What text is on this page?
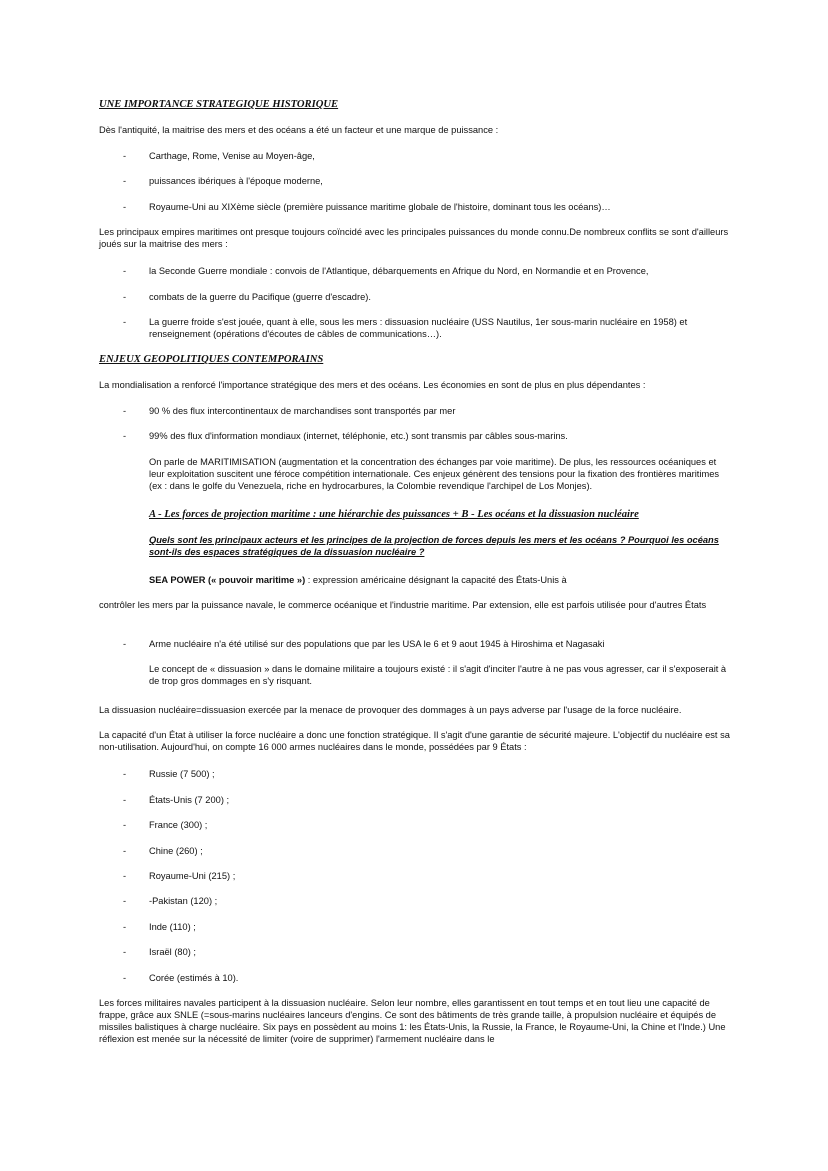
UNE IMPORTANCE STRATEGIQUE HISTORIQUE

Dès l'antiquité, la maitrise des mers et des océans a été un facteur et une marque de puissance :

- Carthage, Rome, Venise au Moyen-âge,
- puissances ibériques à l'époque moderne,
- Royaume-Uni au XIXème siècle (première puissance maritime globale de l'histoire, dominant tous les océans)…

Les principaux empires maritimes ont presque toujours coïncidé avec les principales puissances du monde connu.De nombreux conflits se sont d'ailleurs joués sur la maitrise des mers :

- la Seconde Guerre mondiale : convois de l'Atlantique, débarquements en Afrique du Nord, en Normandie et en Provence,
- combats de la guerre du Pacifique (guerre d'escadre).
- La guerre froide s'est jouée, quant à elle, sous les mers : dissuasion nucléaire (USS Nautilus, 1er sous-marin nucléaire en 1958) et renseignement (opérations d'écoutes de câbles de communications…).

ENJEUX GEOPOLITIQUES CONTEMPORAINS

La mondialisation a renforcé l'importance stratégique des mers et des océans. Les économies en sont de plus en plus dépendantes :

- 90 % des flux intercontinentaux de marchandises sont transportés par mer
- 99% des flux d'information mondiaux (internet, téléphonie, etc.) sont transmis par câbles sous-marins.

On parle de MARITIMISATION (augmentation et la concentration des échanges par voie maritime). De plus, les ressources océaniques et leur exploitation suscitent une féroce compétition internationale. Ces enjeux génèrent des tensions pour la fixation des frontières maritimes (ex : dans le golfe du Venezuela, riche en hydrocarbures, la Colombie revendique l'archipel de Los Monjes).

A - Les forces de projection maritime : une hiérarchie des puissances + B - Les océans et la dissuasion nucléaire

Quels sont les principaux acteurs et les principes de la projection de forces depuis les mers et les océans ? Pourquoi les océans sont-ils des espaces stratégiques de la dissuasion nucléaire ?

SEA POWER (« pouvoir maritime ») : expression américaine désignant la capacité des États-Unis à

contrôler les mers par la puissance navale, le commerce océanique et l'industrie maritime. Par extension, elle est parfois utilisée pour d'autres États

- Arme nucléaire n'a été utilisé sur des populations que par les USA le 6 et 9 aout 1945 à Hiroshima et Nagasaki

Le concept de « dissuasion » dans le domaine militaire a toujours existé : il s'agit d'inciter l'autre à ne pas vous agresser, car il s'exposerait à de trop gros dommages en s'y risquant.

La dissuasion nucléaire=dissuasion exercée par la menace de provoquer des dommages à un pays adverse par l'usage de la force nucléaire.

La capacité d'un État à utiliser la force nucléaire a donc une fonction stratégique. Il s'agit d'une garantie de sécurité majeure. L'objectif du nucléaire est sa non-utilisation. Aujourd'hui, on compte 16 000 armes nucléaires dans le monde, possédées par 9 États :

- Russie (7 500) ;
- États-Unis (7 200) ;
- France (300) ;
- Chine (260) ;
- Royaume-Uni (215) ;
- -Pakistan (120) ;
- Inde (110) ;
- Israël (80) ;
- Corée (estimés à 10).

Les forces militaires navales participent à la dissuasion nucléaire. Selon leur nombre, elles garantissent en tout temps et en tout lieu une capacité de frappe, grâce aux SNLE (=sous-marins nucléaires lanceurs d'engins. Ce sont des bâtiments de très grande taille, à propulsion nucléaire et équipés de missiles balistiques à charge nucléaire. Six pays en possèdent au moins 1: les États-Unis, la Russie, la France, le Royaume-Uni, la Chine et l'Inde.) Une réflexion est menée sur la nécessité de limiter (voire de supprimer) l'armement nucléaire dans le
